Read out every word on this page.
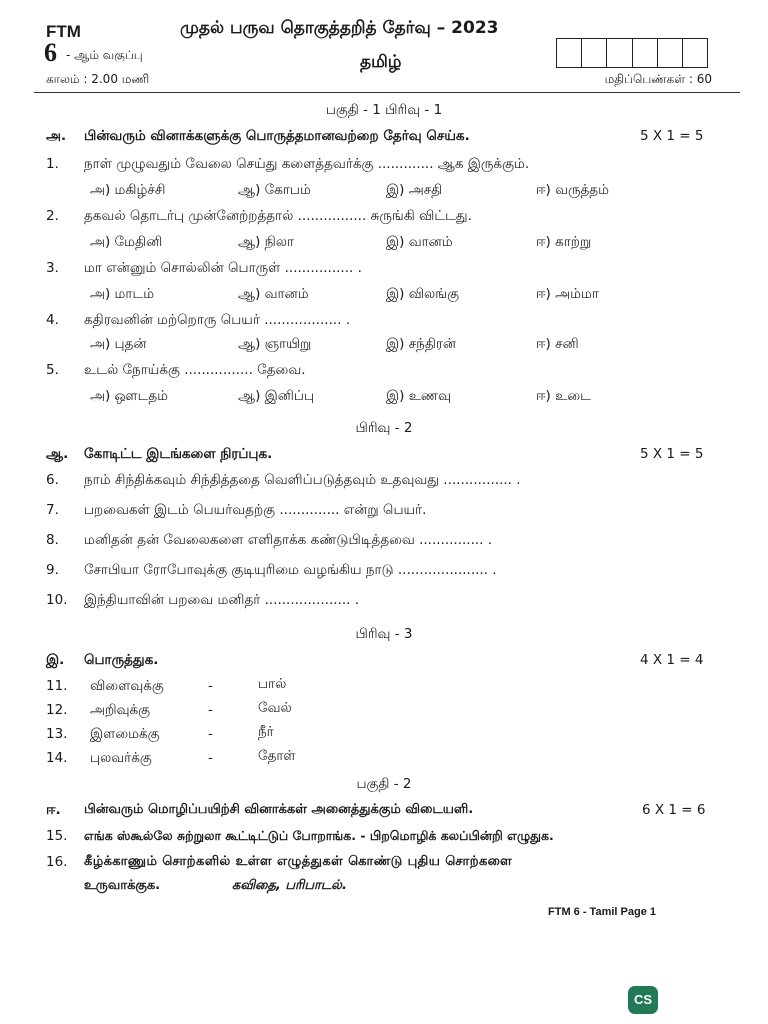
FTM
6 - ஆம் வகுப்பு
காலம் : 2.00 மணி
முதல் பருவ தொகுத்தறித் தேர்வு – 2023
தமிழ்
மதிப்பெண்கள் : 60
பகுதி - 1 பிரிவு - 1
அ. பின்வரும் வினாக்களுக்கு பொருத்தமானவற்றை தேர்வு செய்க.	5 X 1 = 5
1. நாள் முழுவதும் வேலை செய்து களைத்தவர்க்கு ............. ஆக இருக்கும்.
அ) மகிழ்ச்சி	ஆ) கோபம்	இ) அசதி	ஈ) வருத்தம்
2. தகவல் தொடர்பு முன்னேற்றத்தால் ................ சுருங்கி விட்டது.
அ) மேதினி	ஆ) நிலா	இ) வானம்	ஈ) காற்று
3. மா என்னும் சொல்லின் பொருள் ................ .
அ) மாடம்	ஆ) வானம்	இ) விலங்கு	ஈ) அம்மா
4. கதிரவனின் மற்றொரு பெயர் .................. .
அ) புதன்	ஆ) ஞாயிறு	இ) சந்திரன்	ஈ) சனி
5. உடல் நோய்க்கு ................ தேவை.
அ) ஔடதம்	ஆ) இனிப்பு	இ) உணவு	ஈ) உடை
பிரிவு - 2
ஆ. கோடிட்ட இடங்களை நிரப்புக.	5 X 1 = 5
6. நாம் சிந்திக்கவும் சிந்தித்ததை வெளிப்படுத்தவும் உதவுவது ................ .
7. பறவைகள் இடம் பெயர்வதற்கு .............. என்று பெயர்.
8. மனிதன் தன் வேலைகளை எளிதாக்க கண்டுபிடித்தவை ............... .
9. சோபியா ரோபோவுக்கு குடியுரிமை வழங்கிய நாடு ..................... .
10. இந்தியாவின் பறவை மனிதர் .................... .
பிரிவு - 3
இ. பொருத்துக.	4 X 1 = 4
11. விளைவுக்கு	-	பால்
12. அறிவுக்கு	-	வேல்
13. இளமைக்கு	-	நீர்
14. புலவர்க்கு	-	தோள்
பகுதி - 2
ஈ. பின்வரும் மொழிப்பயிற்சி வினாக்கள் அனைத்துக்கும் விடையளி.	6 X 1 = 6
15. எங்க ஸ்கூல்லே சுற்றுலா கூட்டிட்டுப் போறாங்க. - பிறமொழிக் கலப்பின்றி எழுதுக.
16. கீழ்க்காணும் சொற்களில் உள்ள எழுத்துகள் கொண்டு புதிய சொற்களை
உருவாக்குக.	கவிதை, பரிபாடல்.
FTM 6 - Tamil Page 1
CS
